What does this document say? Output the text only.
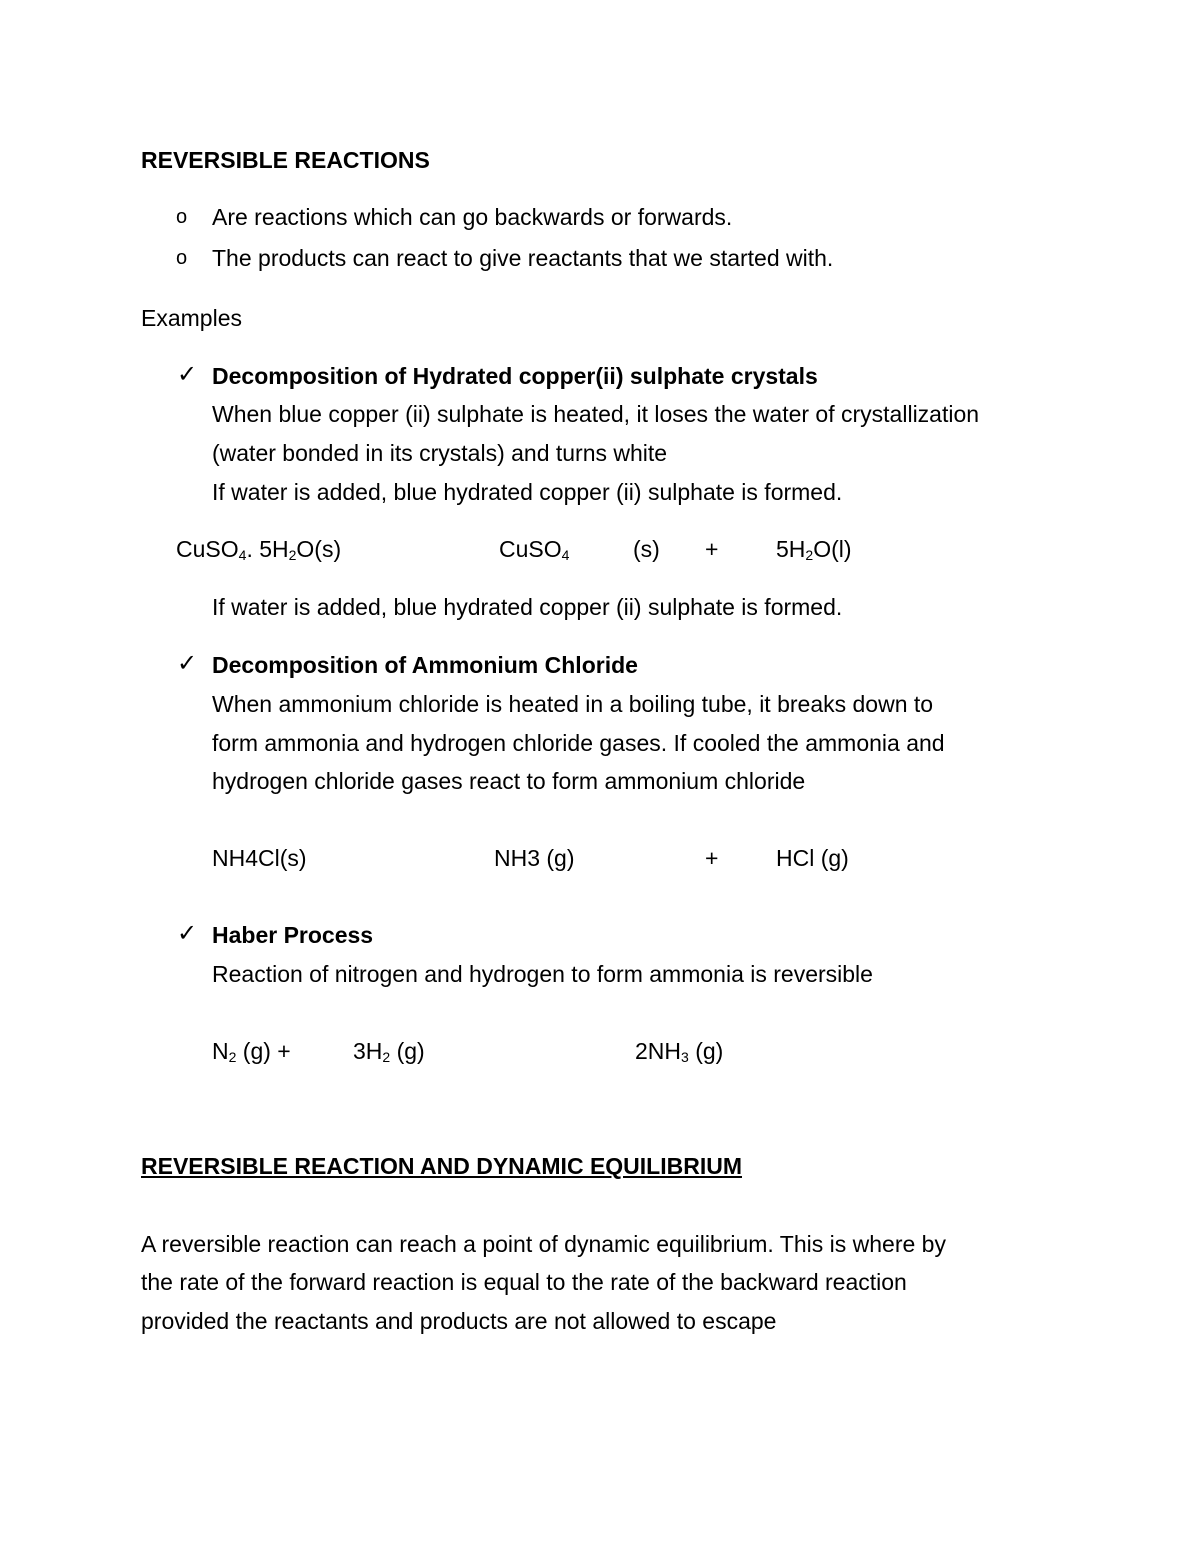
REVERSIBLE REACTIONS
o Are reactions which can go backwards or forwards.
o The products can react to give reactants that we started with.
Examples
✓ Decomposition of Hydrated copper(ii) sulphate crystals
When blue copper (ii) sulphate is heated, it loses the water of crystallization
(water bonded in its crystals) and turns white
If water is added, blue hydrated copper (ii) sulphate is formed.
CuSO$_4$. $5H_2O(s)$	CuSO$_4$	(s) +	$5H_2O(l)$
If water is added, blue hydrated copper (ii) sulphate is formed.
✓ Decomposition of Ammonium Chloride
When ammonium chloride is heated in a boiling tube, it breaks down to
form ammonia and hydrogen chloride gases. If cooled the ammonia and
hydrogen chloride gases react to form ammonium chloride
NH4Cl(s)	NH3 (g)	+	HCl (g)
✓ Haber Process
Reaction of nitrogen and hydrogen to form ammonia is reversible
$N_2$ (g) +	$3H_2$ (g)	$2NH_3$ (g)
REVERSIBLE REACTION AND DYNAMIC EQUILIBRIUM
A reversible reaction can reach a point of dynamic equilibrium. This is where by
the rate of the forward reaction is equal to the rate of the backward reaction
provided the reactants and products are not allowed to escape
